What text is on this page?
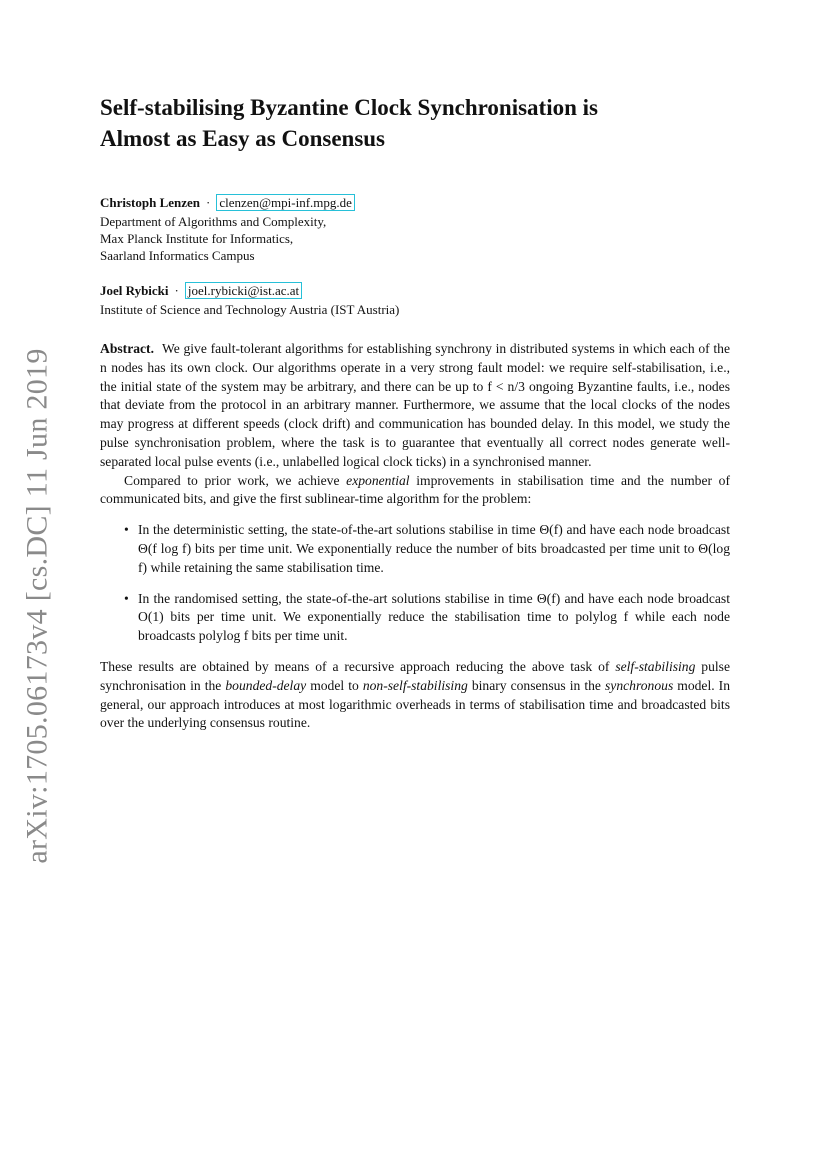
arXiv:1705.06173v4 [cs.DC] 11 Jun 2019
Self-stabilising Byzantine Clock Synchronisation is
Almost as Easy as Consensus
Christoph Lenzen · clenzen@mpi-inf.mpg.de
Department of Algorithms and Complexity,
Max Planck Institute for Informatics,
Saarland Informatics Campus
Joel Rybicki · joel.rybicki@ist.ac.at
Institute of Science and Technology Austria (IST Austria)

Abstract. We give fault-tolerant algorithms for establishing synchrony in distributed systems in which each of the n nodes has its own clock. Our algorithms operate in a very strong fault model: we require self-stabilisation, i.e., the initial state of the system may be arbitrary, and there can be up to f < n/3 ongoing Byzantine faults, i.e., nodes that deviate from the protocol in an arbitrary manner. Furthermore, we assume that the local clocks of the nodes may progress at different speeds (clock drift) and communication has bounded delay. In this model, we study the pulse synchronisation problem, where the task is to guarantee that eventually all correct nodes generate well-separated local pulse events (i.e., unlabelled logical clock ticks) in a synchronised manner.

Compared to prior work, we achieve exponential improvements in stabilisation time and the number of communicated bits, and give the first sublinear-time algorithm for the problem:

• In the deterministic setting, the state-of-the-art solutions stabilise in time Θ(f) and have each node broadcast Θ(f log f) bits per time unit. We exponentially reduce the number of bits broadcasted per time unit to Θ(log f) while retaining the same stabilisation time.
• In the randomised setting, the state-of-the-art solutions stabilise in time Θ(f) and have each node broadcast O(1) bits per time unit. We exponentially reduce the stabilisation time to polylog f while each node broadcasts polylog f bits per time unit.

These results are obtained by means of a recursive approach reducing the above task of self-stabilising pulse synchronisation in the bounded-delay model to non-self-stabilising binary consensus in the synchronous model. In general, our approach introduces at most logarithmic overheads in terms of stabilisation time and broadcasted bits over the underlying consensus routine.
